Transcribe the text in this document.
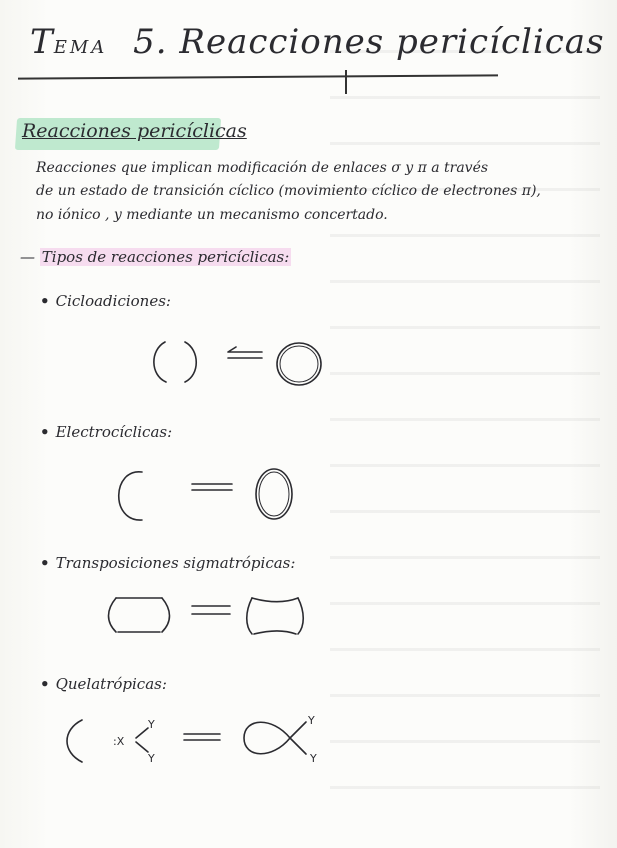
TEMA 5. Reacciones pericíclicas
Reacciones pericíclicas
Reacciones que implican modificación de enlaces σ y π a través
de un estado de transición cíclico (movimiento cíclico de electrones π),
no iónico , y mediante un mecanismo concertado.
— Tipos de reacciones pericíclicas:
• Cicloadiciones:
• Electrocíclicas:
• Transposiciones sigmatrópicas:
• Quelatrópicas:
:X
Y
Y
Y
Y
